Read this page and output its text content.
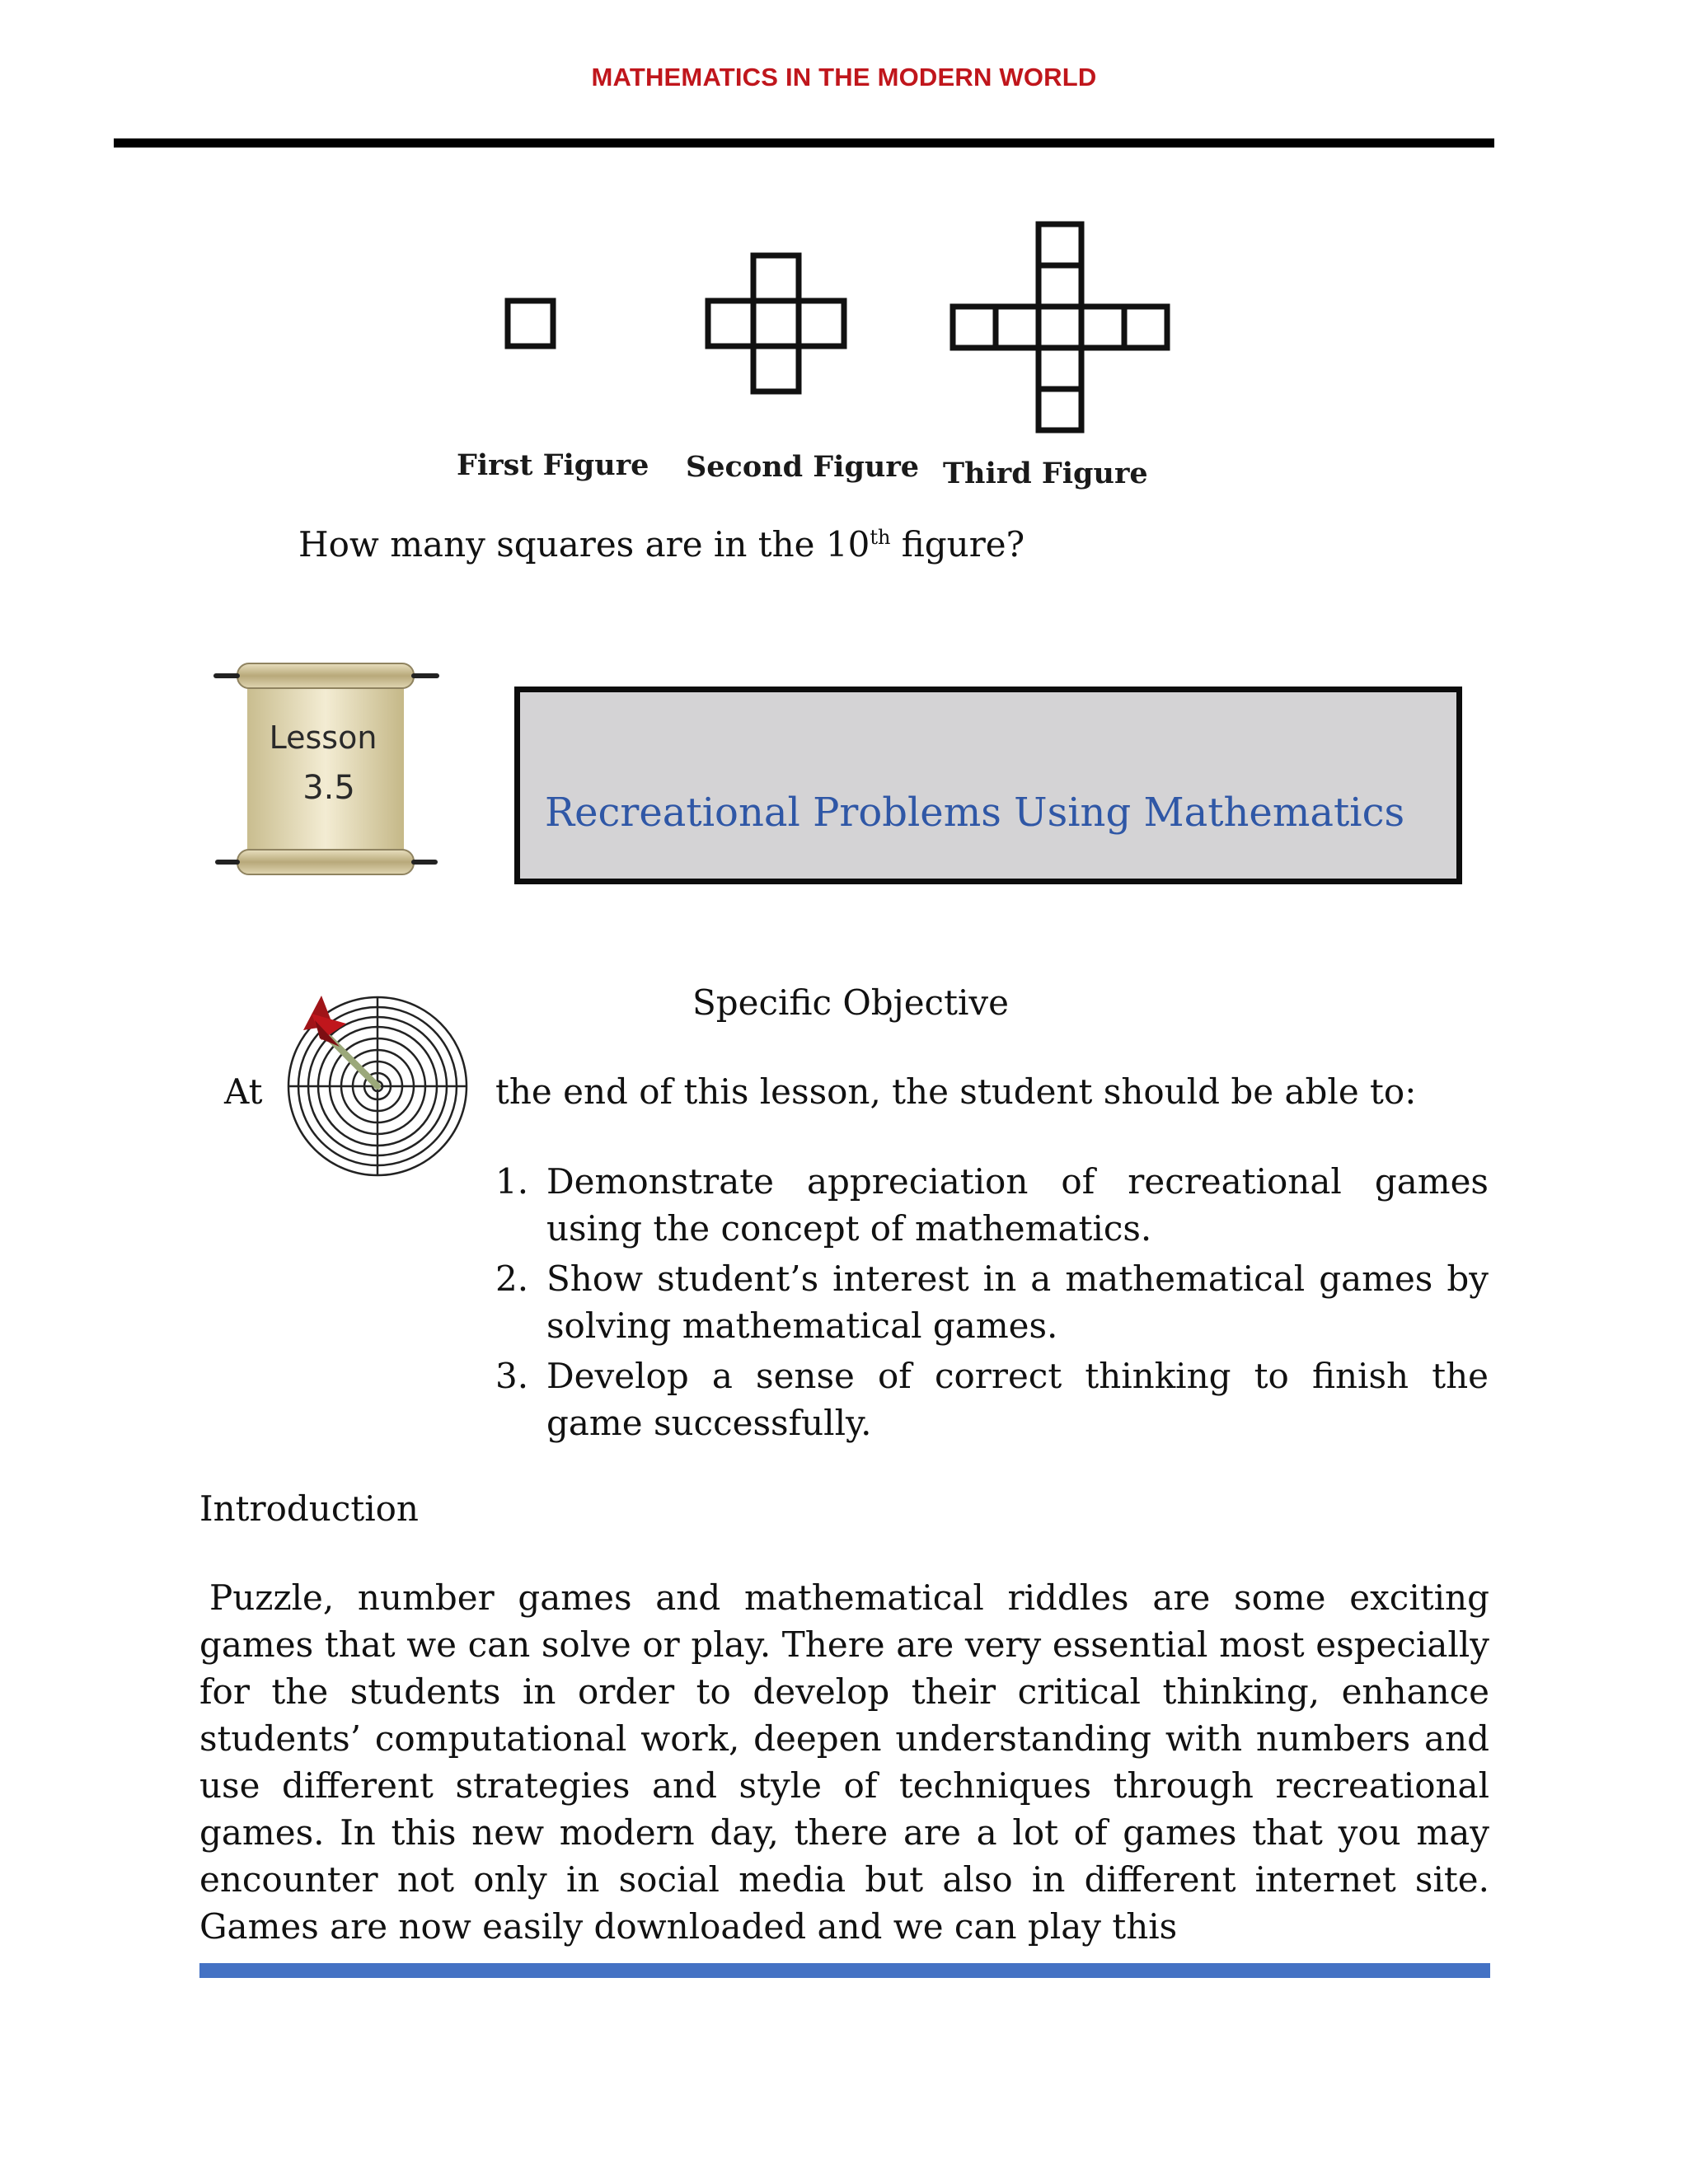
MATHEMATICS IN THE MODERN WORLD
First Figure Second Figure Third Figure
How many squares are in the 10th figure?
Lesson
3.5
Recreational Problems Using Mathematics
Specific Objective
At	the end of this lesson, the student should be able to:
1. Demonstrate appreciation of recreational games using the concept of mathematics.
2. Show student’s interest in a mathematical games by solving mathematical games.
3. Develop a sense of correct thinking to finish the game successfully.
Introduction
Puzzle, number games and mathematical riddles are some exciting games that we can solve or play. There are very essential most especially for the students in order to develop their critical thinking, enhance students’ computational work, deepen understanding with numbers and use different strategies and style of techniques through recreational games. In this new modern day, there are a lot of games that you may encounter not only in social media but also in different internet site. Games are now easily downloaded and we can play this
